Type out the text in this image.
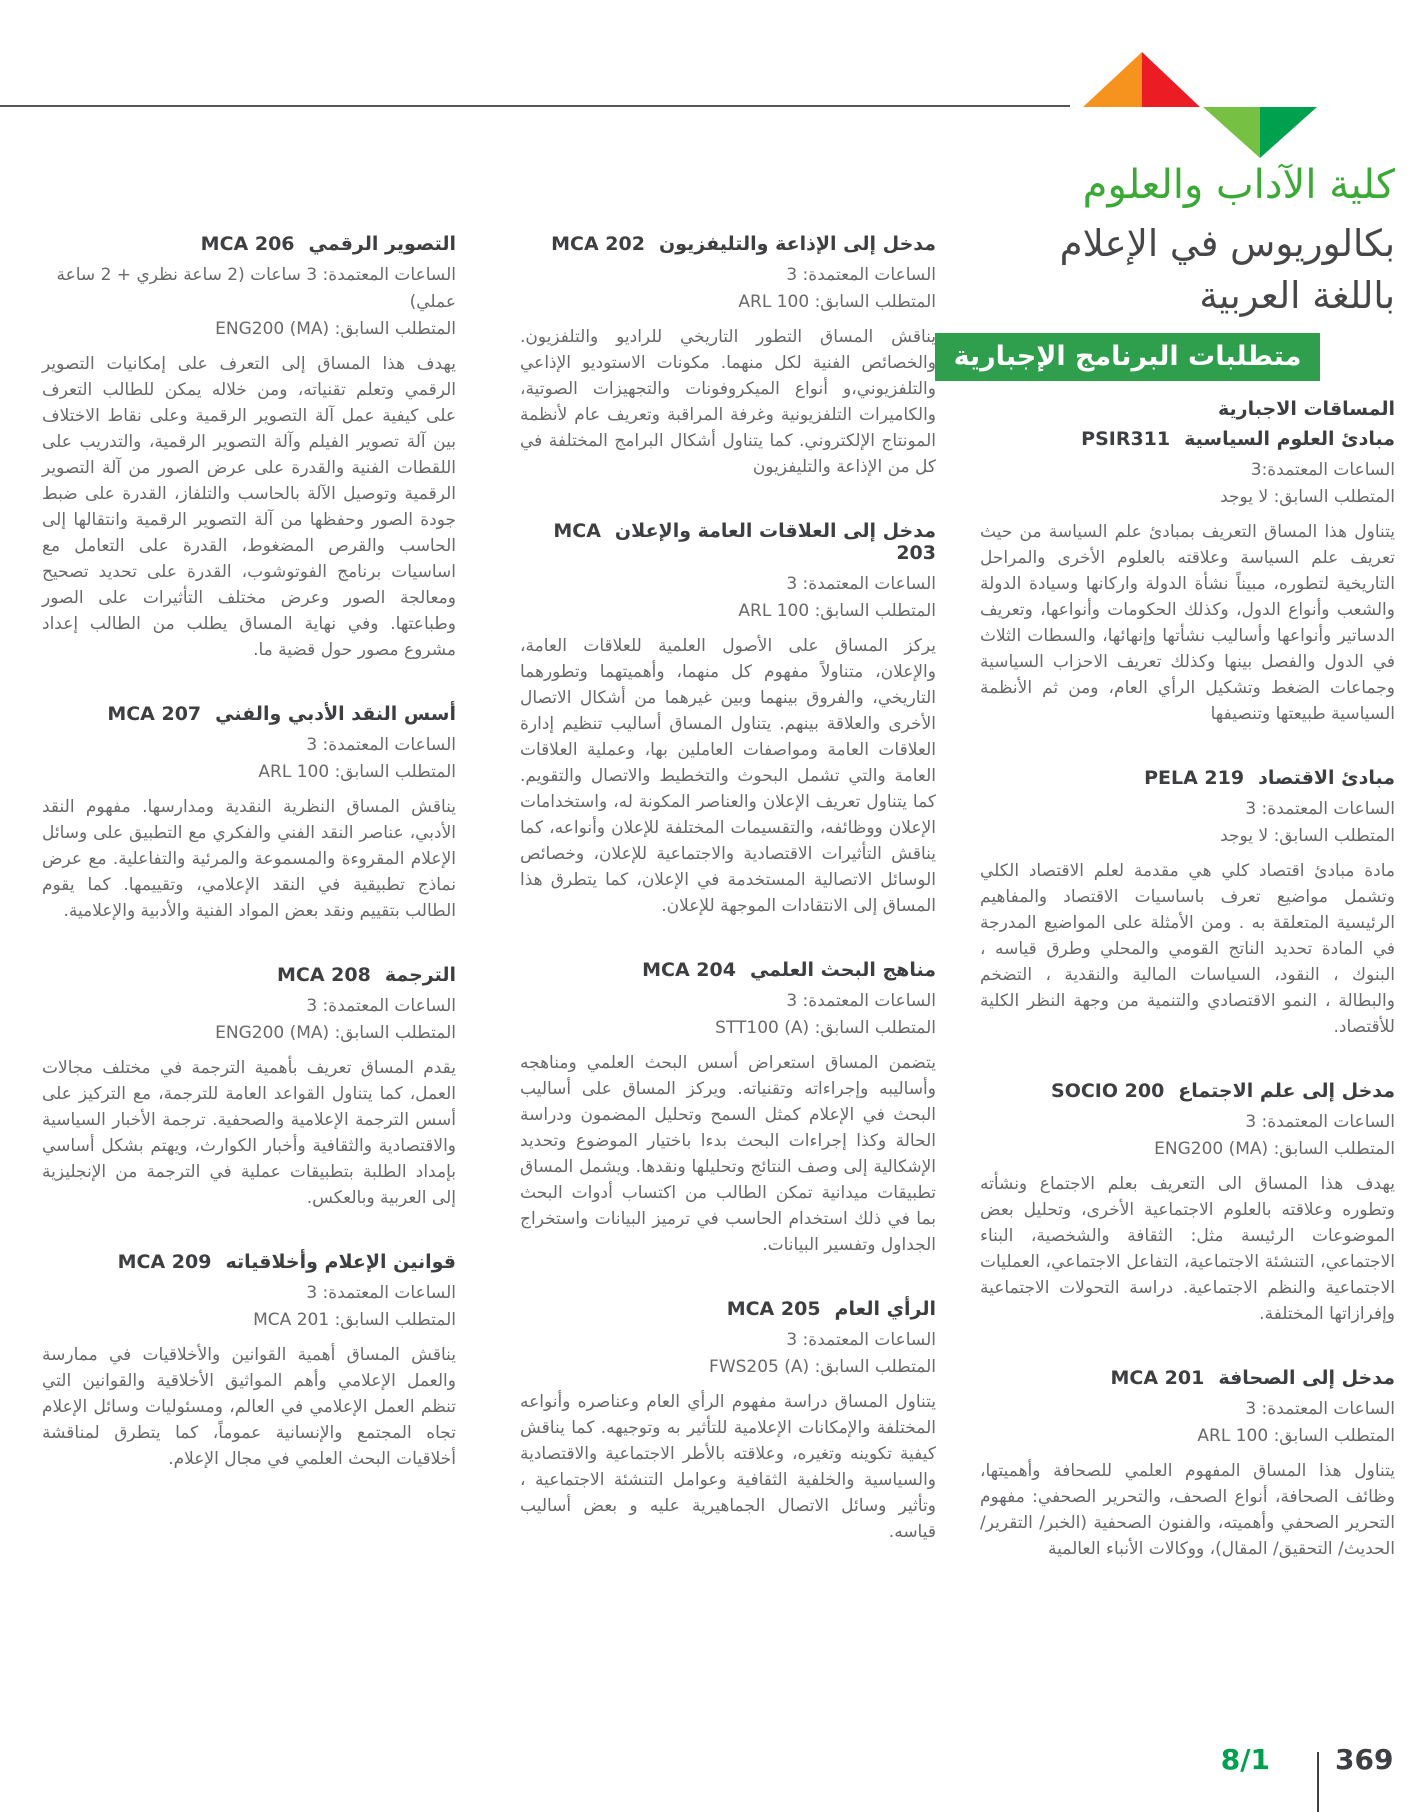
كلية الآداب والعلوم
بكالوريوس في الإعلام
باللغة العربية
متطلبات البرنامج الإجبارية
المساقات الاجبارية
مبادئ العلوم السياسيةPSIR311
الساعات المعتمدة:3
المتطلب السابق: لا يوجد

يتناول هذا المساق التعريف بمبادئ علم السياسة من حيث تعريف علم السياسة وعلاقته بالعلوم الأخرى والمراحل التاريخية لتطوره، مبيناً نشأة الدولة واركانها وسيادة الدولة والشعب وأنواع الدول، وكذلك الحكومات وأنواعها، وتعريف الدساتير وأنواعها وأساليب نشأتها وإنهائها، والسطات الثلاث في الدول والفصل بينها وكذلك تعريف الاحزاب السياسية وجماعات الضغط وتشكيل الرأي العام، ومن ثم الأنظمة السياسية طبيعتها وتنصيفها

مبادئ الاقتصادPELA 219
الساعات المعتمدة: 3
المتطلب السابق: لا يوجد

مادة مبادئ اقتصاد كلي هي مقدمة لعلم الاقتصاد الكلي وتشمل مواضيع تعرف باساسيات الاقتصاد والمفاهيم الرئيسية المتعلقة به . ومن الأمثلة على المواضيع المدرجة في المادة تحديد الناتج القومي والمحلي وطرق قياسه ، البنوك ، النقود، السياسات المالية والنقدية ، التضخم والبطالة ، النمو الاقتصادي والتنمية من وجهة النظر الكلية للأقتصاد.

مدخل إلى علم الاجتماعSOCIO 200
الساعات المعتمدة: 3
المتطلب السابق: ENG200 (MA)

يهدف هذا المساق الى التعريف بعلم الاجتماع ونشأته وتطوره وعلاقته بالعلوم الاجتماعية الأخرى، وتحليل بعض الموضوعات الرئيسة مثل: الثقافة والشخصية، البناء الاجتماعي، التنشئة الاجتماعية، التفاعل الاجتماعي، العمليات الاجتماعية والنظم الاجتماعية. دراسة التحولات الاجتماعية وإفرازاتها المختلفة.

مدخل إلى الصحافةMCA 201
الساعات المعتمدة: 3
المتطلب السابق: ARL 100

يتناول هذا المساق المفهوم العلمي للصحافة وأهميتها، وظائف الصحافة، أنواع الصحف، والتحرير الصحفي: مفهوم التحرير الصحفي وأهميته، والفنون الصحفية (الخبر/ التقرير/ الحديث/ التحقيق/ المقال)، ووكالات الأنباء العالمية

مدخل إلى الإذاعة والتليفزيونMCA 202
الساعات المعتمدة: 3
المتطلب السابق: ARL 100

يناقش المساق التطور التاريخي للراديو والتلفزيون. والخصائص الفنية لكل منهما. مكونات الاستوديو الإذاعي والتلفزيوني،و أنواع الميكروفونات والتجهيزات الصوتية، والكاميرات التلفزيونية وغرفة المراقبة وتعريف عام لأنظمة المونتاج الإلكتروني. كما يتناول أشكال البرامج المختلفة في كل من الإذاعة والتليفزيون

مدخل إلى العلاقات العامة والإعلانMCA 203
الساعات المعتمدة: 3
المتطلب السابق: ARL 100

يركز المساق على الأصول العلمية للعلاقات العامة، والإعلان، متناولاً مفهوم كل منهما، وأهميتهما وتطورهما التاريخي، والفروق بينهما وبين غيرهما من أشكال الاتصال الأخرى والعلاقة بينهم. يتناول المساق أساليب تنظيم إدارة العلاقات العامة ومواصفات العاملين بها، وعملية العلاقات العامة والتي تشمل البحوث والتخطيط والاتصال والتقويم. كما يتناول تعريف الإعلان والعناصر المكونة له، واستخدامات الإعلان ووظائفه، والتقسيمات المختلفة للإعلان وأنواعه، كما يناقش التأثيرات الاقتصادية والاجتماعية للإعلان، وخصائص الوسائل الاتصالية المستخدمة في الإعلان، كما يتطرق هذا المساق إلى الانتقادات الموجهة للإعلان.

مناهج البحث العلميMCA 204
الساعات المعتمدة: 3
المتطلب السابق: STT100 (A)

يتضمن المساق استعراض أسس البحث العلمي ومناهجه وأساليبه وإجراءاته وتقنياته. ويركز المساق على أساليب البحث في الإعلام كمثل السمح وتحليل المضمون ودراسة الحالة وكذا إجراءات البحث بدءا باختيار الموضوع وتحديد الإشكالية إلى وصف النتائج وتحليلها ونقدها. ويشمل المساق تطبيقات ميدانية تمكن الطالب من اكتساب أدوات البحث بما في ذلك استخدام الحاسب في ترميز البيانات واستخراج الجداول وتفسير البيانات.

الرأي العامMCA 205
الساعات المعتمدة: 3
المتطلب السابق: FWS205 (A)

يتناول المساق دراسة مفهوم الرأي العام وعناصره وأنواعه المختلفة والإمكانات الإعلامية للتأثير به وتوجيهه. كما يناقش كيفية تكوينه وتغيره، وعلاقته بالأطر الاجتماعية والاقتصادية والسياسية والخلفية الثقافية وعوامل التنشئة الاجتماعية ، وتأثير وسائل الاتصال الجماهيرية عليه و بعض أساليب قياسه.

التصوير الرقميMCA 206
الساعات المعتمدة: 3 ساعات (2 ساعة نظري + 2 ساعة عملي)
المتطلب السابق: ENG200 (MA)

يهدف هذا المساق إلى التعرف على إمكانيات التصوير الرقمي وتعلم تقنياته، ومن خلاله يمكن للطالب التعرف على كيفية عمل آلة التصوير الرقمية وعلى نقاط الاختلاف بين آلة تصوير الفيلم وآلة التصوير الرقمية، والتدريب على اللقطات الفنية والقدرة على عرض الصور من آلة التصوير الرقمية وتوصيل الآلة بالحاسب والتلفاز، القدرة على ضبط جودة الصور وحفظها من آلة التصوير الرقمية وانتقالها إلى الحاسب والقرص المضغوط، القدرة على التعامل مع اساسيات برنامج الفوتوشوب، القدرة على تحديد تصحيح ومعالجة الصور وعرض مختلف التأثيرات على الصور وطباعتها. وفي نهاية المساق يطلب من الطالب إعداد مشروع مصور حول قضية ما.

أسس النقد الأدبي والفنيMCA 207
الساعات المعتمدة: 3
المتطلب السابق: ARL 100

يناقش المساق النظرية النقدية ومدارسها. مفهوم النقد الأدبي، عناصر النقد الفني والفكري مع التطبيق على وسائل الإعلام المقروءة والمسموعة والمرئية والتفاعلية. مع عرض نماذج تطبيقية في النقد الإعلامي، وتقييمها. كما يقوم الطالب بتقييم ونقد بعض المواد الفنية والأدبية والإعلامية.

الترجمةMCA 208
الساعات المعتمدة: 3
المتطلب السابق: ENG200 (MA)

يقدم المساق تعريف بأهمية الترجمة في مختلف مجالات العمل، كما يتناول القواعد العامة للترجمة، مع التركيز على أسس الترجمة الإعلامية والصحفية. ترجمة الأخبار السياسية والاقتصادية والثقافية وأخبار الكوارث، ويهتم بشكل أساسي بإمداد الطلبة بتطبيقات عملية في الترجمة من الإنجليزية إلى العربية وبالعكس.

قوانين الإعلام وأخلاقياتهMCA 209
الساعات المعتمدة: 3
المتطلب السابق: MCA 201

يناقش المساق أهمية القوانين والأخلاقيات في ممارسة والعمل الإعلامي وأهم المواثيق الأخلاقية والقوانين التي تنظم العمل الإعلامي في العالم، ومسئوليات وسائل الإعلام تجاه المجتمع والإنسانية عموماً، كما يتطرق لمناقشة أخلاقيات البحث العلمي في مجال الإعلام.

8/1 369
